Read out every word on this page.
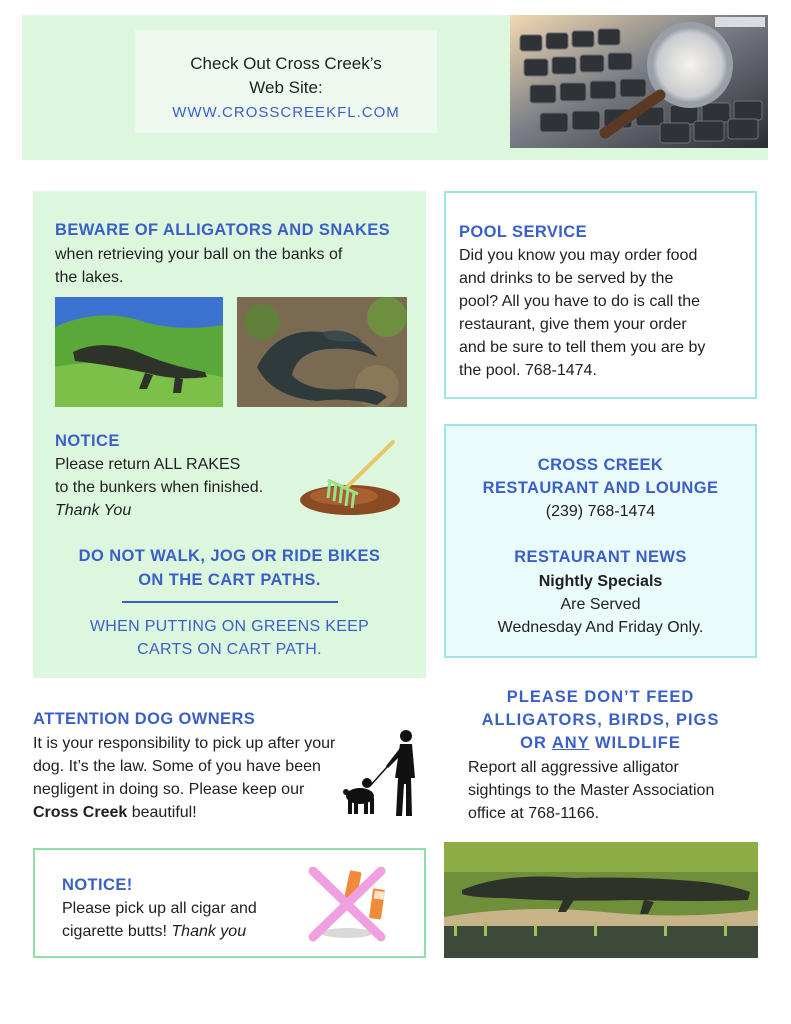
Check Out Cross Creek’s
Web Site:
WWW.CROSSCREEKFL.COM
BEWARE OF ALLIGATORS AND SNAKES
when retrieving your ball on the banks of
the lakes.
NOTICE
Please return ALL RAKES
to the bunkers when finished.
Thank You
DO NOT WALK, JOG OR RIDE BIKES
ON THE CART PATHS.
WHEN PUTTING ON GREENS KEEP
CARTS ON CART PATH.
POOL SERVICE
Did you know you may order food
and drinks to be served by the
pool? All you have to do is call the
restaurant, give them your order
and be sure to tell them you are by
the pool. 768-1474.
CROSS CREEK
RESTAURANT AND LOUNGE
(239) 768-1474
RESTAURANT NEWS
Nightly Specials
Are Served
Wednesday And Friday Only.
ATTENTION DOG OWNERS
It is your responsibility to pick up after your
dog. It’s the law. Some of you have been
negligent in doing so. Please keep our
Cross Creek beautiful!
NOTICE!
Please pick up all cigar and
cigarette butts! Thank you
PLEASE DON’T FEED
ALLIGATORS, BIRDS, PIGS
OR ANY WILDLIFE
Report all aggressive alligator
sightings to the Master Association
office at 768-1166.
